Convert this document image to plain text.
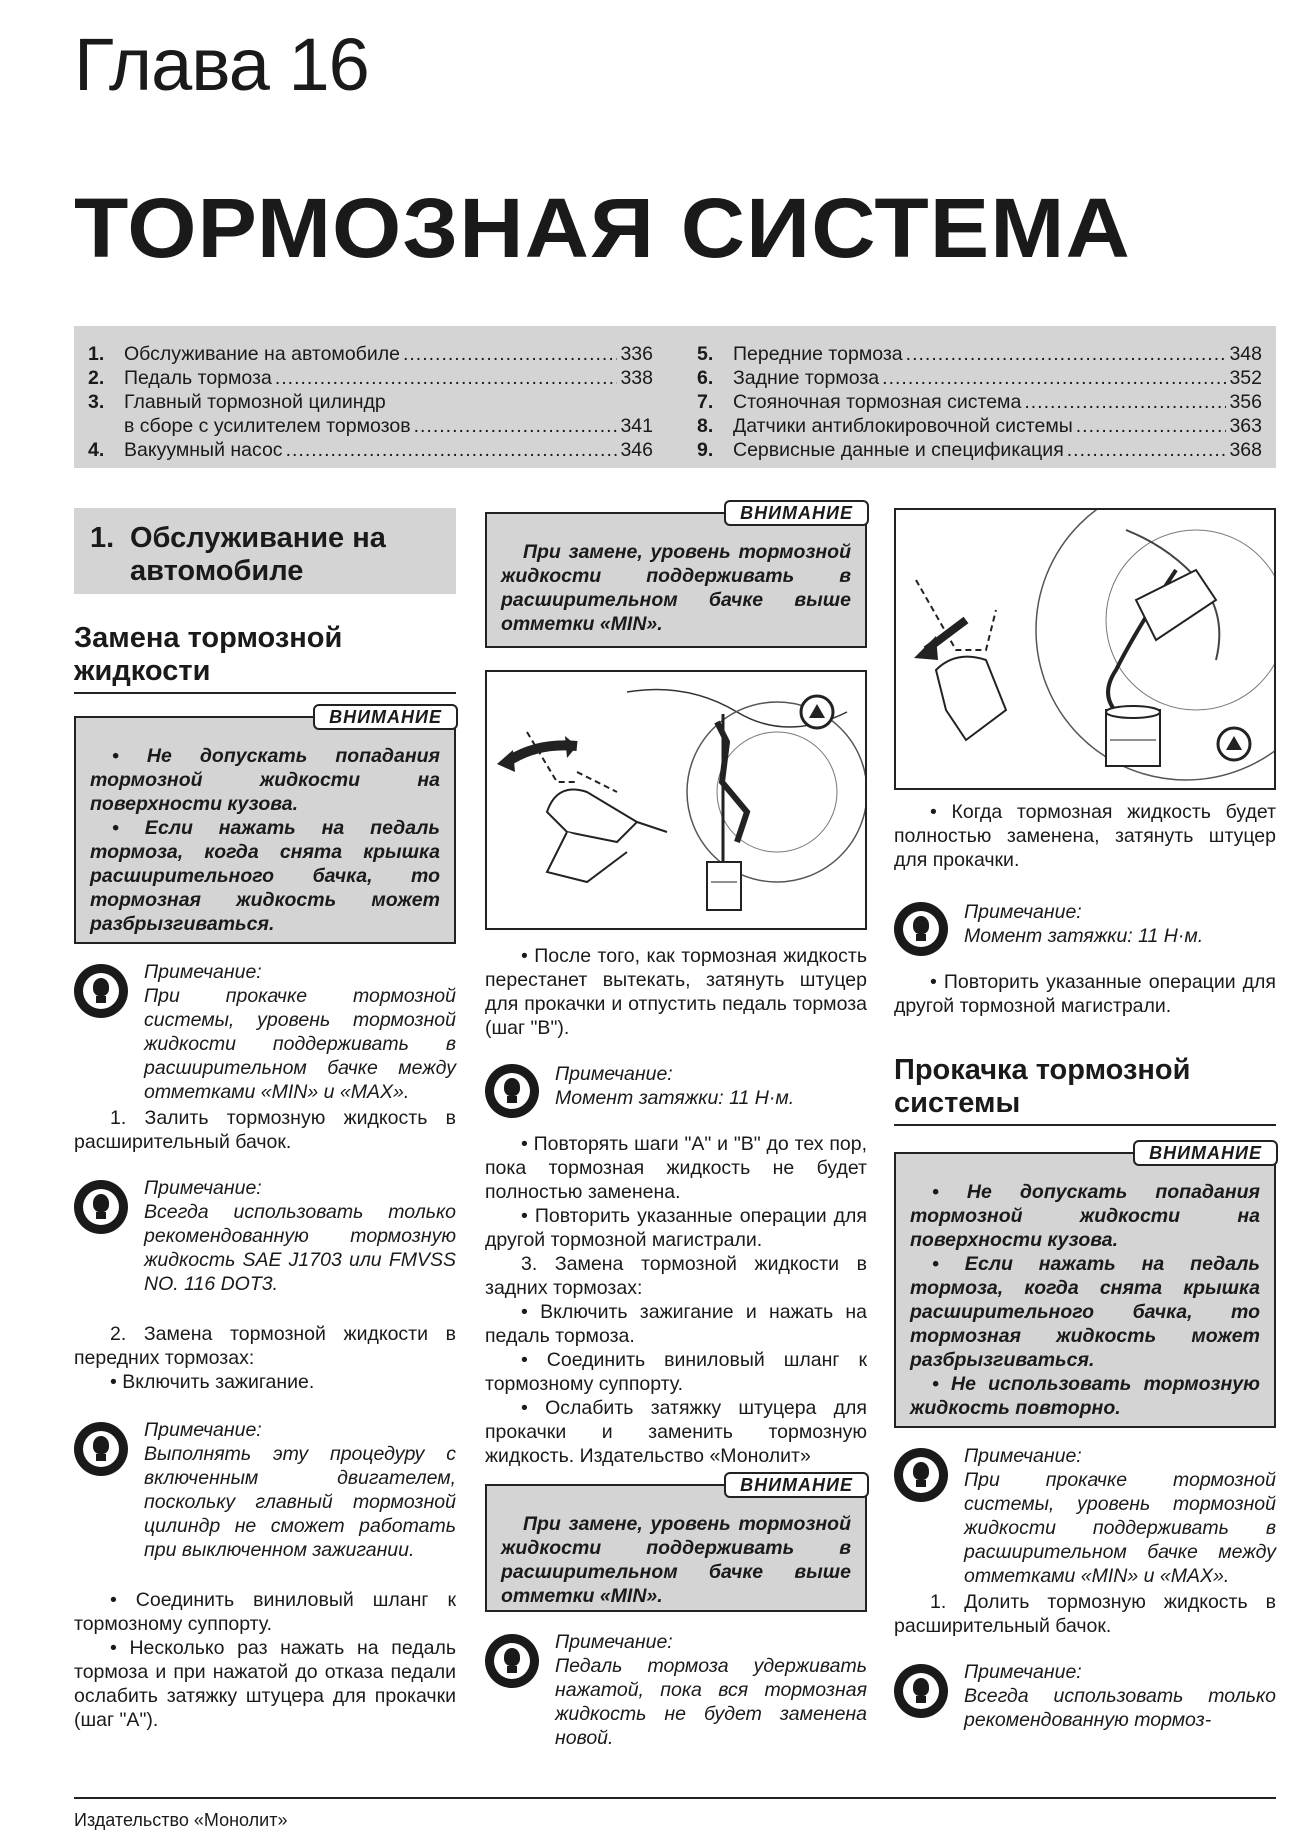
Глава 16
ТОРМОЗНАЯ СИСТЕМА
1.	Обслуживание на автомобиле .....	336
2.	Педаль тормоза .....	338
3.	Главный тормозной цилиндр
в сборе с усилителем тормозов .....	341
4.	Вакуумный насос .....	346
5.	Передние тормоза .....	348
6.	Задние тормоза .....	352
7.	Стояночная тормозная система .....	356
8.	Датчики антиблокировочной системы .....	363
9.	Сервисные данные и спецификация .....	368
1. Обслуживание на автомобиле
Замена тормозной жидкости
ВНИМАНИЕ

• Не допускать попадания тормозной жидкости на поверхности кузова.

• Если нажать на педаль тормоза, когда снята крышка расширительного бачка, то тормозная жидкость может разбрызгиваться.

Примечание:
При прокачке тормозной системы, уровень тормозной жидкости поддерживать в расширительном бачке между отметками «MIN» и «MAX».

1. Залить тормозную жидкость в расширительный бачок.

Примечание:
Всегда использовать только рекомендованную тормозную жидкость SAE J1703 или FMVSS NO. 116 DOT3.

2. Замена тормозной жидкости в передних тормозах:

• Включить зажигание.

Примечание:
Выполнять эту процедуру с включенным двигателем, поскольку главный тормозной цилиндр не сможет работать при выключенном зажигании.

• Соединить виниловый шланг к тормозному суппорту.

• Несколько раз нажать на педаль тормоза и при нажатой до отказа педали ослабить затяжку штуцера для прокачки (шаг "А").

ВНИМАНИЕ

При замене, уровень тормозной жидкости поддерживать в расширительном бачке выше отметки «MIN».

• После того, как тормозная жидкость перестанет вытекать, затянуть штуцер для прокачки и отпустить педаль тормоза (шаг "В").

Примечание:
Момент затяжки: 11 Н·м.

• Повторять шаги "А" и "В" до тех пор, пока тормозная жидкость не будет полностью заменена.

• Повторить указанные операции для другой тормозной магистрали.

3. Замена тормозной жидкости в задних тормозах:

• Включить зажигание и нажать на педаль тормоза.

• Соединить виниловый шланг к тормозному суппорту.

• Ослабить затяжку штуцера для прокачки и заменить тормозную жидкость. Издательство «Монолит»

ВНИМАНИЕ

При замене, уровень тормозной жидкости поддерживать в расширительном бачке выше отметки «MIN».

Примечание:
Педаль тормоза удерживать нажатой, пока вся тормозная жидкость не будет заменена новой.

• Когда тормозная жидкость будет полностью заменена, затянуть штуцер для прокачки.

Примечание:
Момент затяжки: 11 Н·м.

• Повторить указанные операции для другой тормозной магистрали.

Прокачка тормозной системы
ВНИМАНИЕ

• Не допускать попадания тормозной жидкости на поверхности кузова.

• Если нажать на педаль тормоза, когда снята крышка расширительного бачка, то тормозная жидкость может разбрызгиваться.

• Не использовать тормозную жидкость повторно.

Примечание:
При прокачке тормозной системы, уровень тормозной жидкости поддерживать в расширительном бачке между отметками «MIN» и «MAX».

1. Долить тормозную жидкость в расширительный бачок.

Примечание:
Всегда использовать только рекомендованную тормоз-
Издательство «Монолит»
